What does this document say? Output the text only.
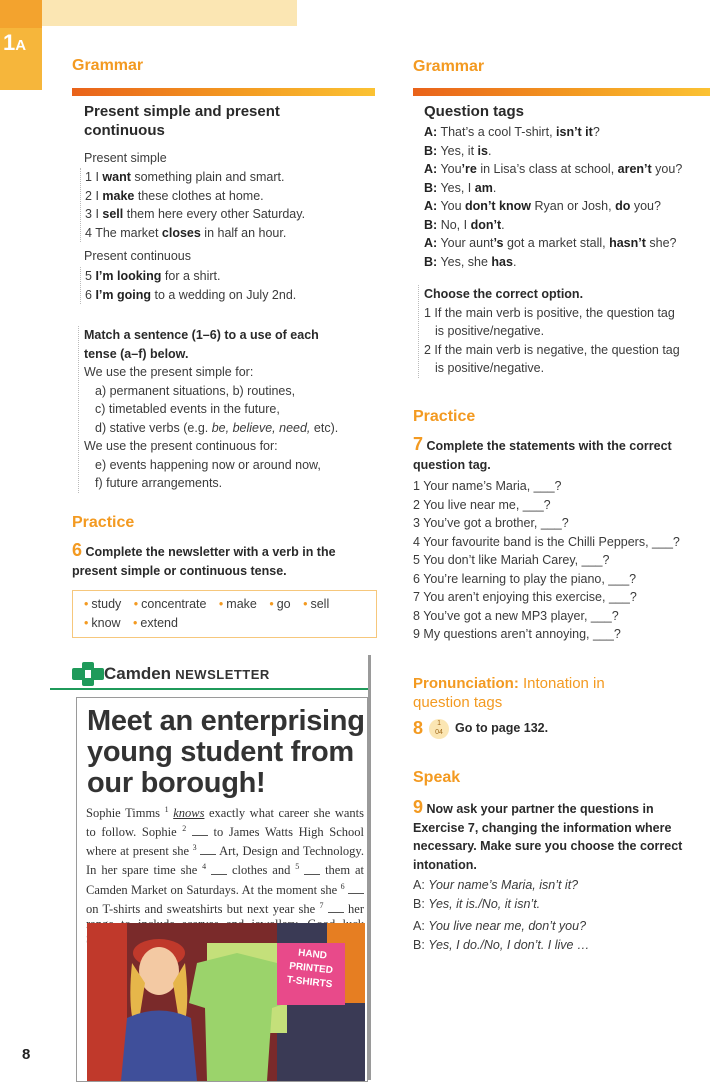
1A
Grammar
Present simple and present continuous
Present simple
1 I want something plain and smart.
2 I make these clothes at home.
3 I sell them here every other Saturday.
4 The market closes in half an hour.
Present continuous
5 I’m looking for a shirt.
6 I’m going to a wedding on July 2nd.
Match a sentence (1–6) to a use of each
tense (a–f) below.
We use the present simple for:
a) permanent situations, b) routines,
c) timetabled events in the future,
d) stative verbs (e.g. be, believe, need, etc).
We use the present continuous for:
e) events happening now or around now,
f) future arrangements.
Practice
6 Complete the newsletter with a verb in the
present simple or continuous tense.
• study • concentrate • make • go • sell
• know • extend
Camden NEWSLETTER
Meet an enterprising
young student from
our borough!
Sophie Timms $^1$ knows exactly what career she wants to follow. Sophie $^2$  to James Watts High School where at present she $^3$  Art, Design and Technology. In her spare time she $^4$  clothes and $^5$  them at Camden Market on Saturdays. At the moment she $^6$  on T-shirts and sweatshirts but next year she $^7$  her
HAND
PRINTED
T-SHIRTS
8
Grammar
Question tags
A: That’s a cool T-shirt, isn’t it?
B: Yes, it is.
A: You’re in Lisa’s class at school, aren’t you?
B: Yes, I am.
A: You don’t know Ryan or Josh, do you?
B: No, I don’t.
A: Your aunt’s got a market stall, hasn’t she?
B: Yes, she has.
Choose the correct option.
1 If the main verb is positive, the question tag
is positive/negative.
2 If the main verb is negative, the question tag
is positive/negative.
Practice
7 Complete the statements with the correct
question tag.
1 Your name’s Maria, ___?
2 You live near me, ___?
3 You’ve got a brother, ___?
4 Your favourite band is the Chilli Peppers, ___?
5 You don’t like Mariah Carey, ___?
6 You’re learning to play the piano, ___?
7 You aren’t enjoying this exercise, ___?
8 You’ve got a new MP3 player, ___?
9 My questions aren’t annoying, ___?
Pronunciation: Intonation in
question tags
8	1
04 Go to page 132.
Speak
9 Now ask your partner the questions in
Exercise 7, changing the information where
necessary. Make sure you choose the correct
intonation.
A: Your name’s Maria, isn’t it?
B: Yes, it is./No, it isn’t.
A: You live near me, don’t you?
B: Yes, I do./No, I don’t. I live …
